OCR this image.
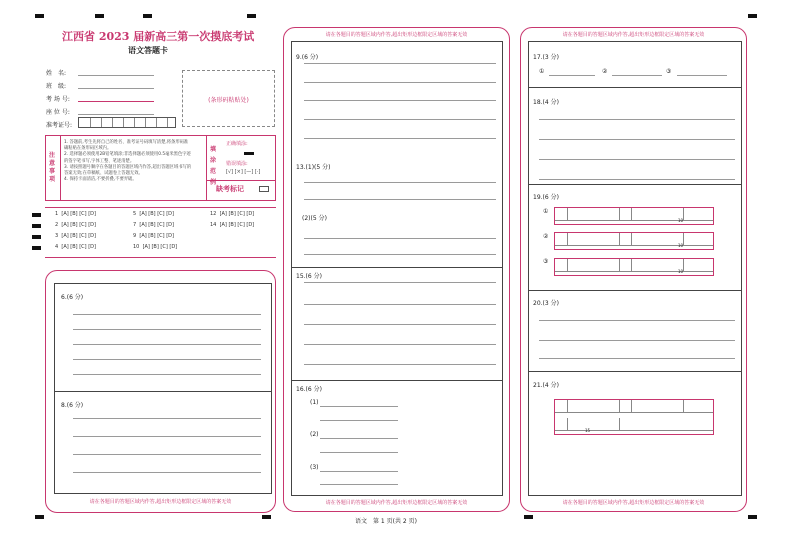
江西省 2023 届新高三第一次摸底考试
语文答题卡
姓　名:
班　级:
考 场 号:
座 位 号:
准考证号:
(条形码粘贴处)
注意事项
1. 答题前,考生先将自己的姓名、准考证号码填写清楚,将条形码准确粘贴在条形码区域内。
2. 选择题必须使用2B铅笔填涂;非选择题必须使用0.5毫米黑色字迹的签字笔书写,字体工整、笔迹清楚。
3. 请按照题号顺序在各题目的答题区域内作答,超出答题区域书写的答案无效;在草稿纸、试题卷上答题无效。
4. 保持卡面清洁,不要折叠,不要弄破。
填涂范例
正确填涂:
错误填涂:
[√] [×] [—] [·]
缺考标记
1 [A] [B] [C] [D]
2 [A] [B] [C] [D]
3 [A] [B] [C] [D]
4 [A] [B] [C] [D]
5 [A] [B] [C] [D]
7 [A] [B] [C] [D]
9 [A] [B] [C] [D]
10 [A] [B] [C] [D]
12 [A] [B] [C] [D]
14 [A] [B] [C] [D]
6.(6 分)
8.(6 分)
请在各题目的答题区域内作答,超出矩形边框限定区域的答案无效
请在各题目的答题区域内作答,超出矩形边框限定区域的答案无效
9.(6 分)
13.(1)(5 分)
(2)(5 分)
15.(6 分)
16.(6 分)
(1)
(2)
(3)
请在各题目的答题区域内作答,超出矩形边框限定区域的答案无效
请在各题目的答题区域内作答,超出矩形边框限定区域的答案无效
17.(3 分)
①	②	③
18.(4 分)
19.(6 分)
①
10
②
10
③
10
20.(3 分)
21.(4 分)
15
请在各题目的答题区域内作答,超出矩形边框限定区域的答案无效
语文　第 1 页(共 2 页)
